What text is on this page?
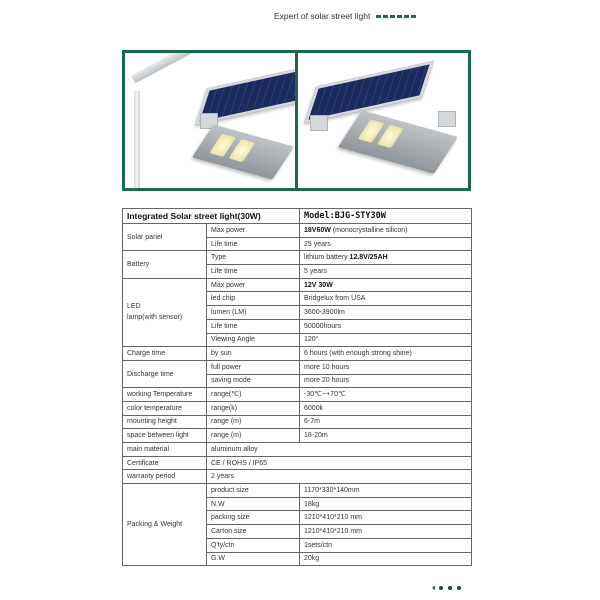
Expert of solar street light
Integrated Solar street light(30W)		Model:BJG-STY30W
Solar panel	Max power	18V60W (monocrystalline silicon)
	Life time	25 years
Battery	Type	lithium battery 12.8V/25AH
	Life time	5 years
LED
lamp(with sensor)	Max power	12V 30W
	led chip	Bridgelux from USA
	lumen (LM)	3600-3900lm
	Life time	50000hours
	Viewing Angle	120°
Charge time	by sun	6 hours (with enough strong shine)
Discharge time	full power	more 10 hours
	saving mode	more 20 hours
working Temperature	range(℃)	-30℃~+70℃
color temperature	range(k)	6000k
mounting height	range (m)	6-7m
space between light	range (m)	18-20m
main material	aluminum alloy	
Certificate	CE / ROHS / IP65	
warranty period	2 years	
Packing & Weight	product size	1170*330*140mm
	N.W	18kg
	packing size	1210*410*210 mm
	Carton size	1210*410*210 mm
	Q'ty/ctn	1sets/ctn
	G.W	20kg
‹‹‹
